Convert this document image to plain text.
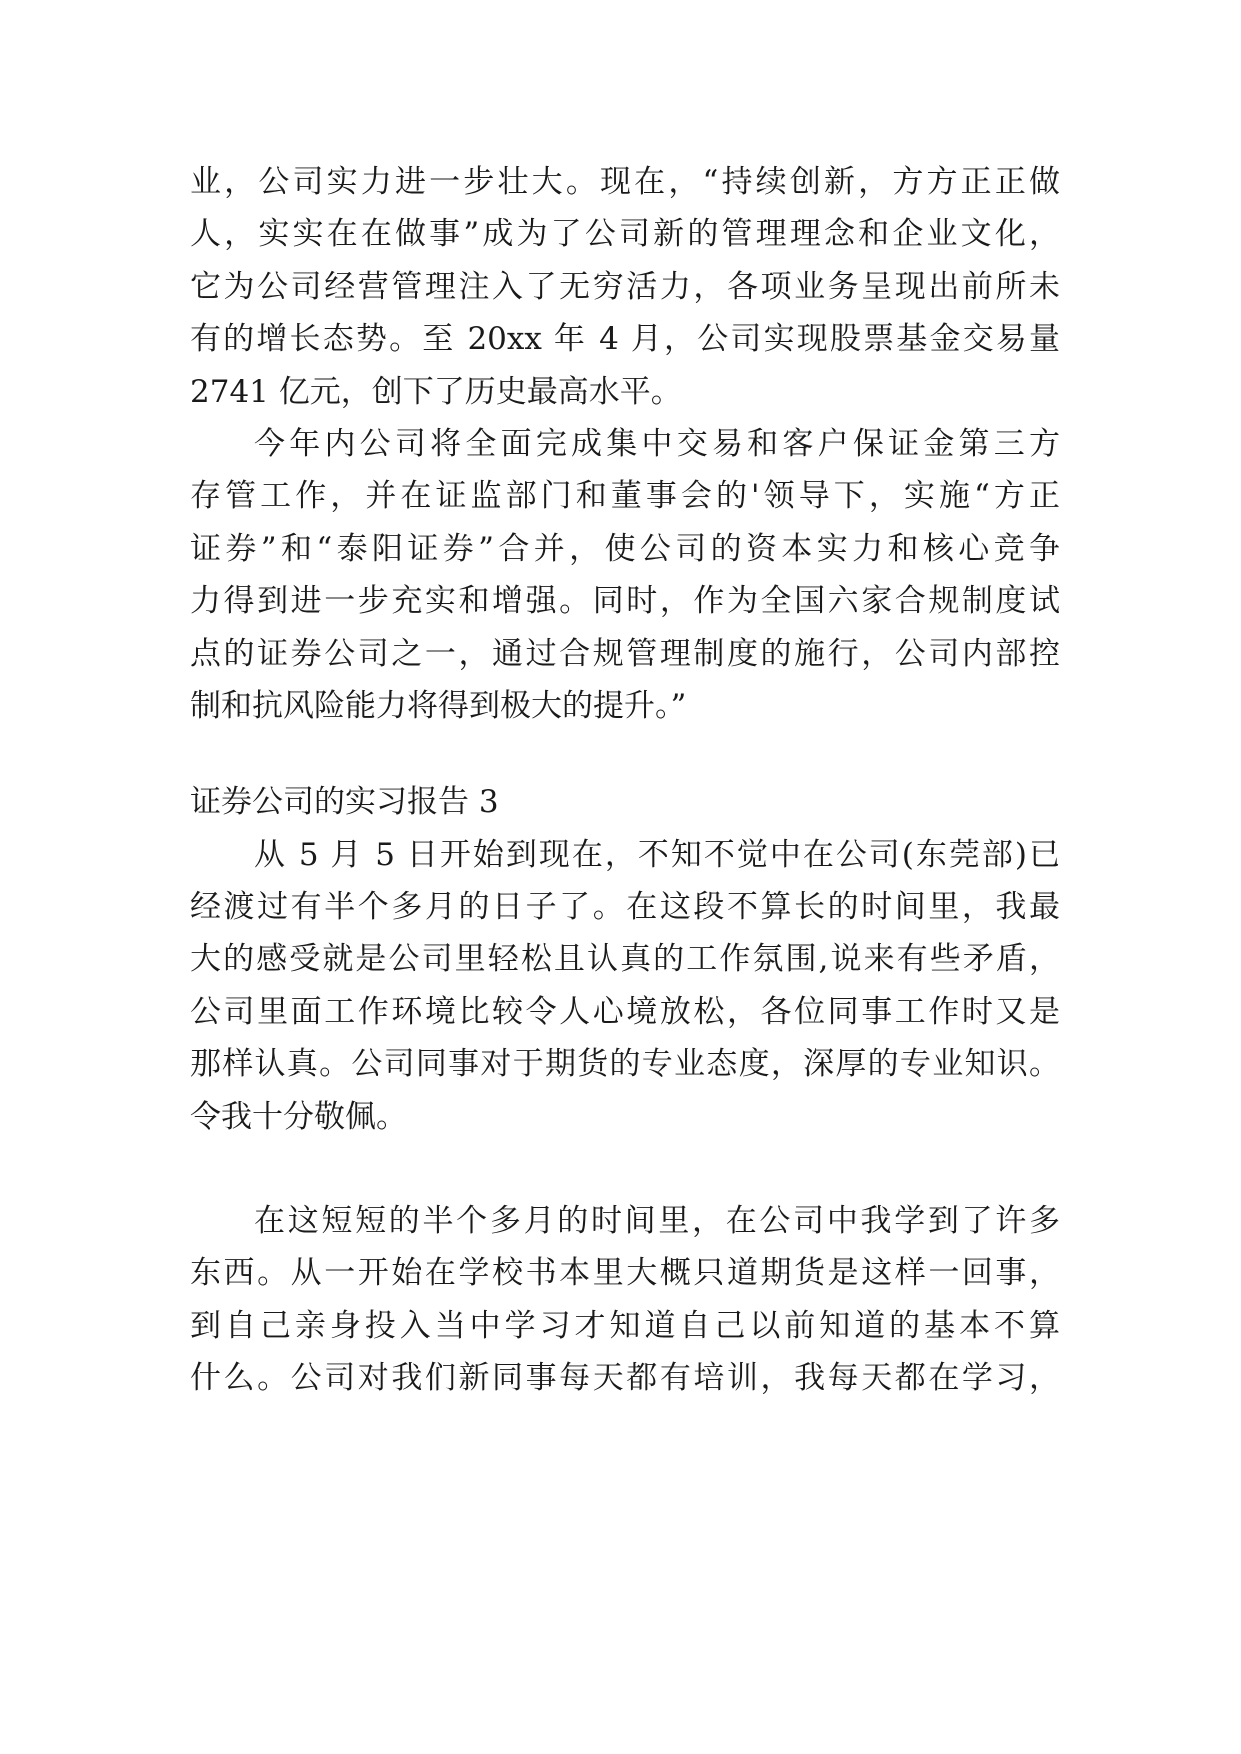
业，公司实力进一步壮大。现在，“持续创新，方方正正做
人，实实在在做事”成为了公司新的管理理念和企业文化，
它为公司经营管理注入了无穷活力，各项业务呈现出前所未
有的增长态势。至 20xx 年 4 月，公司实现股票基金交易量
2741 亿元，创下了历史最高水平。
今年内公司将全面完成集中交易和客户保证金第三方
存管工作，并在证监部门和董事会的'领导下，实施“方正
证券”和“泰阳证券”合并，使公司的资本实力和核心竞争
力得到进一步充实和增强。同时，作为全国六家合规制度试
点的证券公司之一，通过合规管理制度的施行，公司内部控
制和抗风险能力将得到极大的提升。”
证券公司的实习报告 3
从 5 月 5 日开始到现在，不知不觉中在公司(东莞部)已
经渡过有半个多月的日子了。在这段不算长的时间里，我最
大的感受就是公司里轻松且认真的工作氛围,说来有些矛盾，
公司里面工作环境比较令人心境放松，各位同事工作时又是
那样认真。公司同事对于期货的专业态度，深厚的专业知识。
令我十分敬佩。
在这短短的半个多月的时间里，在公司中我学到了许多
东西。从一开始在学校书本里大概只道期货是这样一回事，
到自己亲身投入当中学习才知道自己以前知道的基本不算
什么。公司对我们新同事每天都有培训，我每天都在学习，
